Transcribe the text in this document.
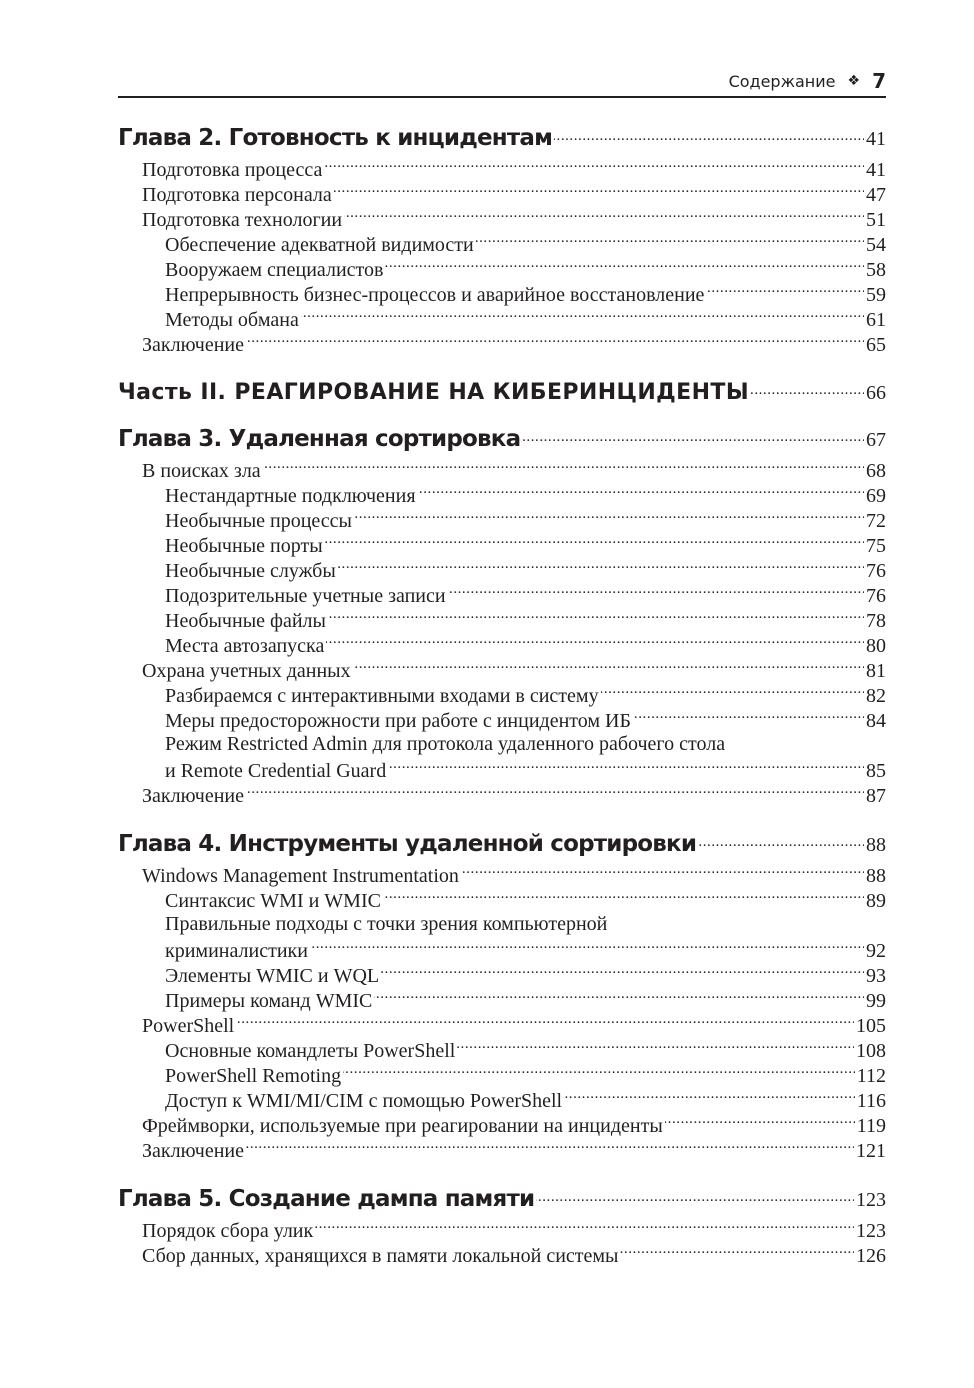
Содержание ❖ 7
Глава 2. Готовность к инцидентам . . .	41
Подготовка процесса . . .	41
Подготовка персонала . . .	47
Подготовка технологии . . .	51
Обеспечение адекватной видимости . . .	54
Вооружаем специалистов . . .	58
Непрерывность бизнес-процессов и аварийное восстановление . . .	59
Методы обмана . . .	61
Заключение . . .	65
Часть II. РЕАГИРОВАНИЕ НА КИБЕРИНЦИДЕНТЫ . . .	66
Глава 3. Удаленная сортировка . . .	67
В поисках зла . . .	68
Нестандартные подключения . . .	69
Необычные процессы . . .	72
Необычные порты . . .	75
Необычные службы . . .	76
Подозрительные учетные записи . . .	76
Необычные файлы . . .	78
Места автозапуска . . .	80
Охрана учетных данных . . .	81
Разбираемся с интерактивными входами в систему . . .	82
Меры предосторожности при работе с инцидентом ИБ . . .	84
Режим Restricted Admin для протокола удаленного рабочего стола
и Remote Credential Guard . . .	85
Заключение . . .	87
Глава 4. Инструменты удаленной сортировки . . .	88
Windows Management Instrumentation . . .	88
Синтаксис WMI и WMIC . . .	89
Правильные подходы с точки зрения компьютерной
криминалистики . . .	92
Элементы WMIC и WQL . . .	93
Примеры команд WMIC . . .	99
PowerShell . . .	105
Основные командлеты PowerShell . . .	108
PowerShell Remoting . . .	112
Доступ к WMI/MI/CIM с помощью PowerShell . . .	116
Фреймворки, используемые при реагировании на инциденты . . .	119
Заключение . . .	121
Глава 5. Создание дампа памяти . . .	123
Порядок сбора улик . . .	123
Сбор данных, хранящихся в памяти локальной системы . . .	126
